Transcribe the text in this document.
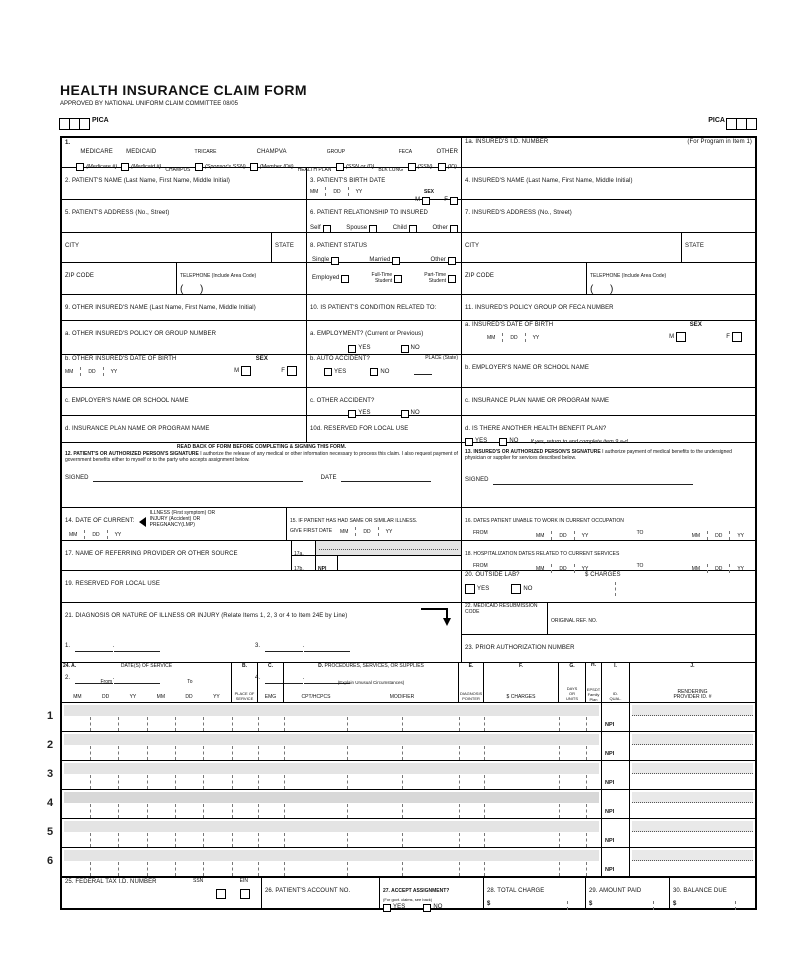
HEALTH INSURANCE CLAIM FORM
APPROVED BY NATIONAL UNIFORM CLAIM COMMITTEE 08/05
$^{PICA}$	$^{PICA}$
1.
MEDICARE

(Medicare #)
MEDICAID

(Medicaid #)
TRICARE
CHAMPUS
(Sponsor's SSN)
CHAMPVA

(Member ID#)
GROUP
HEALTH PLAN
(SSN or ID)
FECA
BLK LUNG
(SSN)
OTHER

(ID)
1a. INSURED'S I.D. NUMBER	(For Program in Item 1)
2. PATIENT'S NAME (Last Name, First Name, Middle Initial)	3. PATIENT'S BIRTH DATE
MM	DD	YY	SEX
M	F
4. INSURED'S NAME (Last Name, First Name, Middle Initial)
5. PATIENT'S ADDRESS (No., Street)	6. PATIENT RELATIONSHIP TO INSURED
Self	Spouse	Child	Other
7. INSURED'S ADDRESS (No., Street)
CITY	STATE	8. PATIENT STATUS
Single	Married	Other
CITY	STATE
ZIP CODE	TELEPHONE (Include Area Code)
(      )
Employed
Full-Time
Student
Part-Time
Student
ZIP CODE	TELEPHONE (Include Area Code)
(      )
9. OTHER INSURED'S NAME (Last Name, First Name, Middle Initial)	10. IS PATIENT'S CONDITION RELATED TO:	11. INSURED'S POLICY GROUP OR FECA NUMBER
a. OTHER INSURED'S POLICY OR GROUP NUMBER	a. EMPLOYMENT? (Current or Previous)
YES	NO
a. INSURED'S DATE OF BIRTH	SEX
MM	DD	YY	M	F
b. OTHER INSURED'S DATE OF BIRTH	SEX
MM	DD	YY	M	F
b. AUTO ACCIDENT?	PLACE (State)
YES	NO
b. EMPLOYER'S NAME OR SCHOOL NAME
c. EMPLOYER'S NAME OR SCHOOL NAME	c. OTHER ACCIDENT?
YES	NO
c. INSURANCE PLAN NAME OR PROGRAM NAME
d. INSURANCE PLAN NAME OR PROGRAM NAME	10d. RESERVED FOR LOCAL USE	d. IS THERE ANOTHER HEALTH BENEFIT PLAN?
YES	NO If yes, return to and complete item 9 a-d.
READ BACK OF FORM BEFORE COMPLETING & SIGNING THIS FORM.
12. PATIENT'S OR AUTHORIZED PERSON'S SIGNATURE I authorize the release of any medical or other information necessary to process this claim. I also request payment of government benefits either to myself or to the party who accepts assignment below.
SIGNED	DATE
13. INSURED'S OR AUTHORIZED PERSON'S SIGNATURE I authorize payment of medical benefits to the undersigned physician or supplier for services described below.
SIGNED
14. DATE OF CURRENT:
MM	DD	YY
ILLNESS (First symptom) OR
INJURY (Accident) OR
PREGNANCY(LMP)
15. IF PATIENT HAS HAD SAME OR SIMILAR ILLNESS.
GIVE FIRST DATE MM	DD	YY
16. DATES PATIENT UNABLE TO WORK IN CURRENT OCCUPATION
FROM	MM	DD	YY	TO	MM	DD	YY
17. NAME OF REFERRING PROVIDER OR OTHER SOURCE	17a.
17b.	NPI
18. HOSPITALIZATION DATES RELATED TO CURRENT SERVICES
FROM	MM	DD	YY	TO	MM	DD	YY
19. RESERVED FOR LOCAL USE
20. OUTSIDE LAB?	$ CHARGES
YES	NO
21. DIAGNOSIS OR NATURE OF ILLNESS OR INJURY (Relate Items 1, 2, 3 or 4 to Item 24E by Line)
1.	.	3.	.
2.	.	4.	.
22. MEDICAID RESUBMISSION
CODE
ORIGINAL REF. NO.
23. PRIOR AUTHORIZATION NUMBER
24. A.	DATE(S) OF SERVICE
From	To
MM	DD	YY	MM	DD	YY
B.
PLACE OF
SERVICE
C.
EMG
D. PROCEDURES, SERVICES, OR SUPPLIES
(Explain Unusual Circumstances)
CPT/HCPCS	MODIFIER
E.
DIAGNOSIS
POINTER
F.
$ CHARGES
G.
DAYS
OR
UNITS
H.
EPSDT
Family
Plan
I.
ID.
QUAL.
J.
RENDERING
PROVIDER ID. #
1
NPI
2
NPI
3
NPI
4
NPI
5
NPI
6
NPI
25. FEDERAL TAX I.D. NUMBER	SSN	EIN
26. PATIENT'S ACCOUNT NO.	27. ACCEPT ASSIGNMENT?
(For govt. claims, see back)
YES	NO
28. TOTAL CHARGE
$
29. AMOUNT PAID
$
30. BALANCE DUE
$
